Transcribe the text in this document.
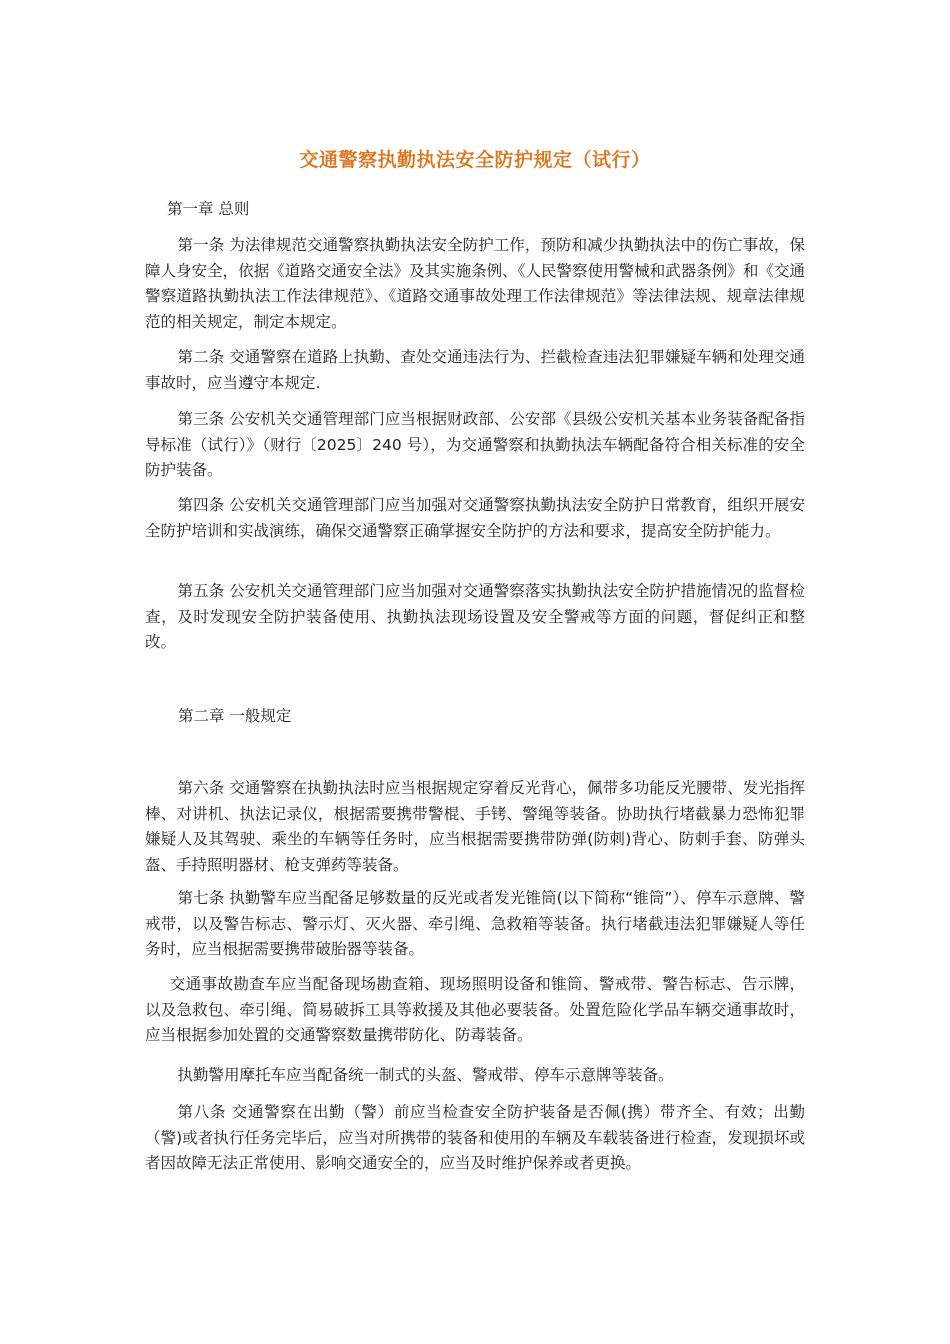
交通警察执勤执法安全防护规定（试行）
第一章 总则
第一条 为法律规范交通警察执勤执法安全防护工作，预防和减少执勤执法中的伤亡事故，保障人身安全，依据《道路交通安全法》及其实施条例、《人民警察使用警械和武器条例》和《交通警察道路执勤执法工作法律规范》、《道路交通事故处理工作法律规范》等法律法规、规章法律规范的相关规定，制定本规定。
第二条 交通警察在道路上执勤、查处交通违法行为、拦截检查违法犯罪嫌疑车辆和处理交通事故时，应当遵守本规定.
第三条 公安机关交通管理部门应当根据财政部、公安部《县级公安机关基本业务装备配备指导标准（试行）》（财行〔2025〕240 号），为交通警察和执勤执法车辆配备符合相关标准的安全防护装备。
第四条 公安机关交通管理部门应当加强对交通警察执勤执法安全防护日常教育，组织开展安全防护培训和实战演练，确保交通警察正确掌握安全防护的方法和要求，提高安全防护能力。
第五条 公安机关交通管理部门应当加强对交通警察落实执勤执法安全防护措施情况的监督检查，及时发现安全防护装备使用、执勤执法现场设置及安全警戒等方面的问题，督促纠正和整改。
第二章 一般规定
第六条 交通警察在执勤执法时应当根据规定穿着反光背心，佩带多功能反光腰带、发光指挥棒、对讲机、执法记录仪，根据需要携带警棍、手铐、警绳等装备。协助执行堵截暴力恐怖犯罪嫌疑人及其驾驶、乘坐的车辆等任务时，应当根据需要携带防弹(防刺)背心、防刺手套、防弹头盔、手持照明器材、枪支弹药等装备。
第七条 执勤警车应当配备足够数量的反光或者发光锥筒(以下简称“锥筒”）、停车示意牌、警戒带，以及警告标志、警示灯、灭火器、牵引绳、急救箱等装备。执行堵截违法犯罪嫌疑人等任务时，应当根据需要携带破胎器等装备。
交通事故勘查车应当配备现场勘查箱、现场照明设备和锥筒、警戒带、警告标志、告示牌，以及急救包、牵引绳、简易破拆工具等救援及其他必要装备。处置危险化学品车辆交通事故时，应当根据参加处置的交通警察数量携带防化、防毒装备。
执勤警用摩托车应当配备统一制式的头盔、警戒带、停车示意牌等装备。
第八条 交通警察在出勤（警）前应当检查安全防护装备是否佩(携）带齐全、有效；出勤（警)或者执行任务完毕后，应当对所携带的装备和使用的车辆及车载装备进行检查，发现损坏或者因故障无法正常使用、影响交通安全的，应当及时维护保养或者更换。
